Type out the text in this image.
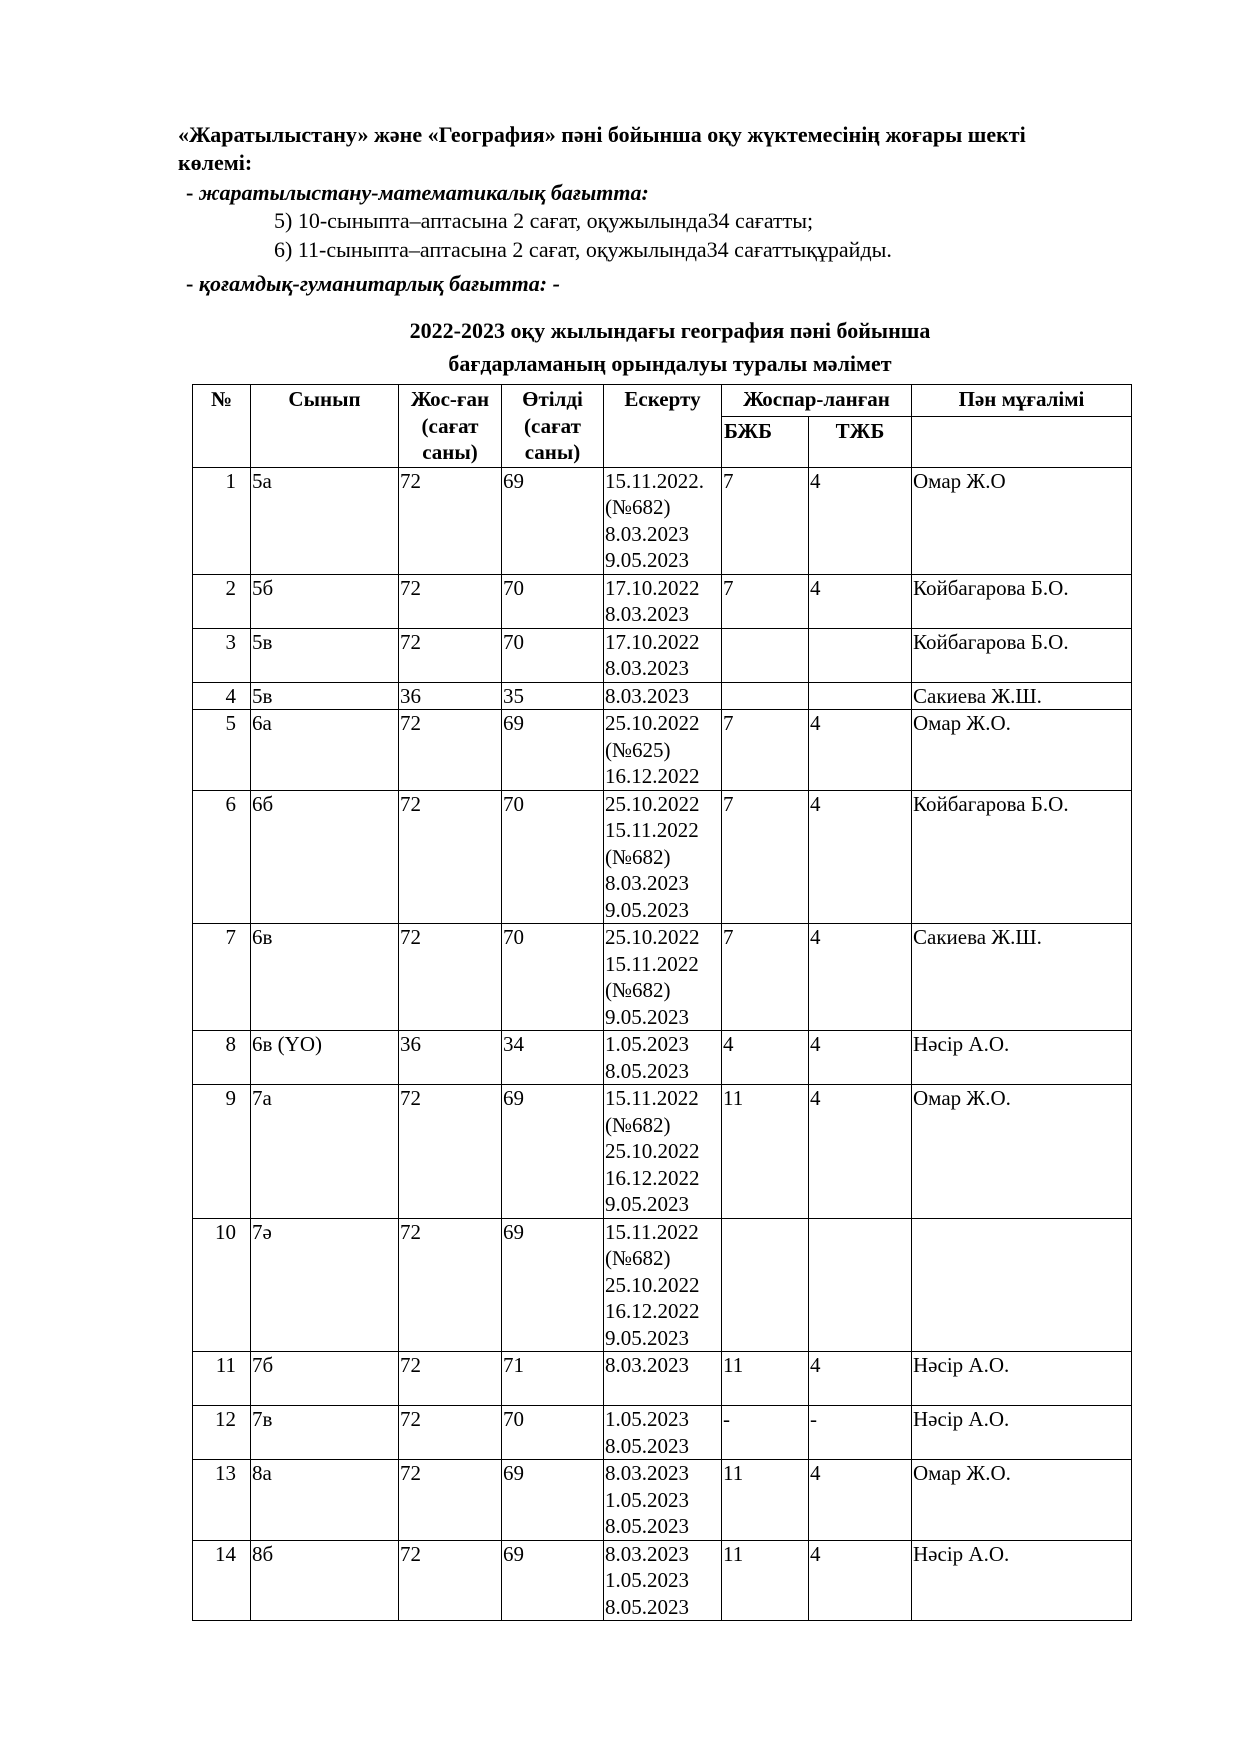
«Жаратылыстану» және «География» пәні бойынша оқу жүктемесінің жоғары шекті
көлемі:
- жаратылыстану-математикалық бағытта:
5) 10-сыныпта–аптасына 2 сағат, оқужылында34 сағатты;
6) 11-сыныпта–аптасына 2 сағат, оқужылында34 сағаттықұрайды.
- қоғамдық-гуманитарлық бағытта: -
2022-2023 оқу жылындағы география пәні бойынша
бағдарламаның орындалуы туралы мәлімет
№	Сынып	Жос-ған
(сағат
саны)	Өтілді
(сағат
саны)	Ескерту	Жоспар-ланған		Пән мұғалімі
					БЖБ	ТЖБ	
1	5а	72	69	15.11.2022.
(№682)
8.03.2023
9.05.2023	7	4	Омар Ж.О
2	5б	72	70	17.10.2022
8.03.2023	7	4	Койбагарова Б.О.
3	5в	72	70	17.10.2022
8.03.2023			Койбагарова Б.О.
4	5в	36	35	8.03.2023			Сакиева Ж.Ш.
5	6а	72	69	25.10.2022
(№625)
16.12.2022	7	4	Омар Ж.О.
6	6б	72	70	25.10.2022
15.11.2022
(№682)
8.03.2023
9.05.2023	7	4	Койбагарова Б.О.
7	6в	72	70	25.10.2022
15.11.2022
(№682)
9.05.2023	7	4	Сакиева Ж.Ш.
8	6в (ҮО)	36	34	1.05.2023
8.05.2023	4	4	Нәсір А.О.
9	7а	72	69	15.11.2022
(№682)
25.10.2022
16.12.2022
9.05.2023	11	4	Омар Ж.О.
10	7ә	72	69	15.11.2022
(№682)
25.10.2022
16.12.2022
9.05.2023			

11	7б	72	71	8.03.2023	11	4	Нәсір А.О.
12	7в	72	70	1.05.2023
8.05.2023	-	-	Нәсір А.О.
13	8а	72	69	8.03.2023
1.05.2023
8.05.2023	11	4	Омар Ж.О.
14	8б	72	69	8.03.2023
1.05.2023
8.05.2023	11	4	Нәсір А.О.
